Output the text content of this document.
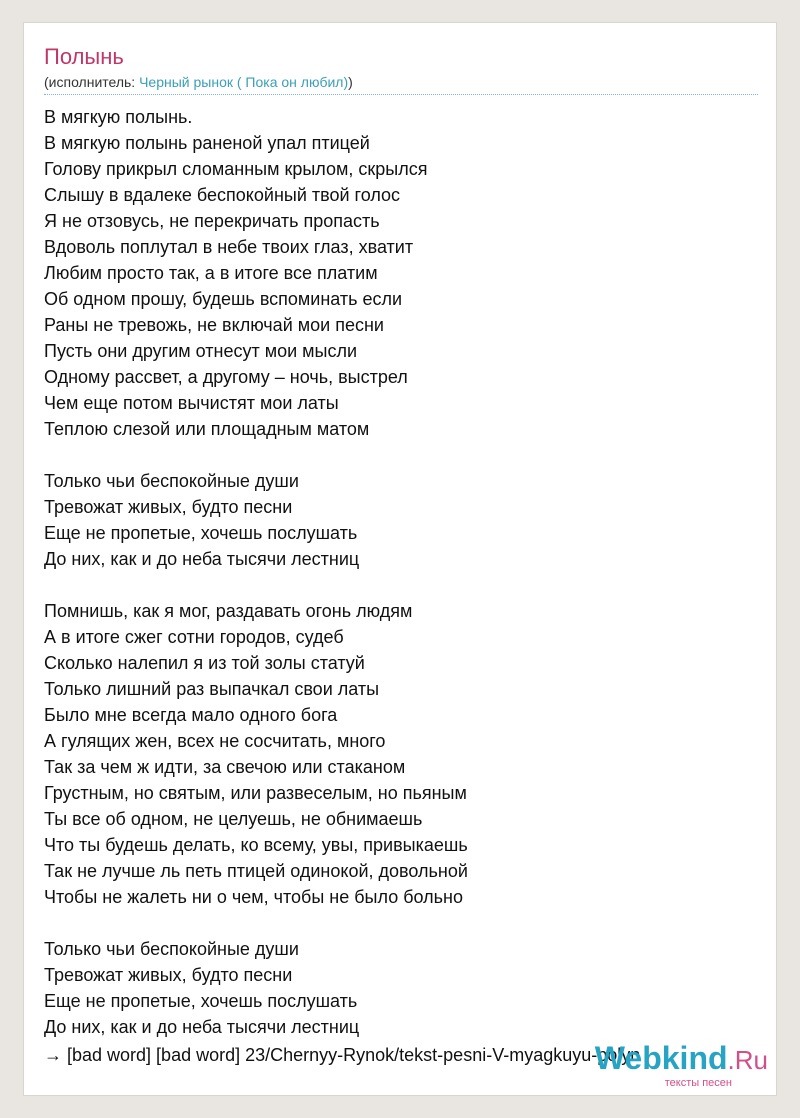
Полынь
(исполнитель: Черный рынок ( Пока он любил))
В мягкую полынь.
В мягкую полынь раненой упал птицей
Голову прикрыл сломанным крылом, скрылся
Слышу в вдалеке беспокойный твой голос
Я не отзовусь, не перекричать пропасть
Вдоволь поплутал в небе твоих глаз, хватит
Любим просто так, а в итоге все платим
Об одном прошу, будешь вспоминать если
Раны не тревожь, не включай мои песни
Пусть они другим отнесут мои мысли
Одному рассвет, а другому – ночь, выстрел
Чем еще потом вычистят мои латы
Теплою слезой или площадным матом
Только чьи беспокойные души
Тревожат живых, будто песни
Еще не пропетые, хочешь послушать
До них, как и до неба тысячи лестниц
Помнишь, как я мог, раздавать огонь людям
А в итоге сжег сотни городов, судеб
Сколько налепил я из той золы статуй
Только лишний раз выпачкал свои латы
Было мне всегда мало одного бога
А гулящих жен, всех не сосчитать, много
Так за чем ж идти, за свечою или стаканом
Грустным, но святым, или развеселым, но пьяным
Ты все об одном, не целуешь, не обнимаешь
Что ты будешь делать, ко всему, увы, привыкаешь
Так не лучше ль петь птицей одинокой, довольной
Чтобы не жалеть ни о чем, чтобы не было больно
Только чьи беспокойные души
Тревожат живых, будто песни
Еще не пропетые, хочешь послушать
До них, как и до неба тысячи лестниц
→ [bad word] [bad word] 23/Chernyy-Rynok/tekst-pesni-V-myagkuyu-polyn
Webkind.Ru
тексты песен
